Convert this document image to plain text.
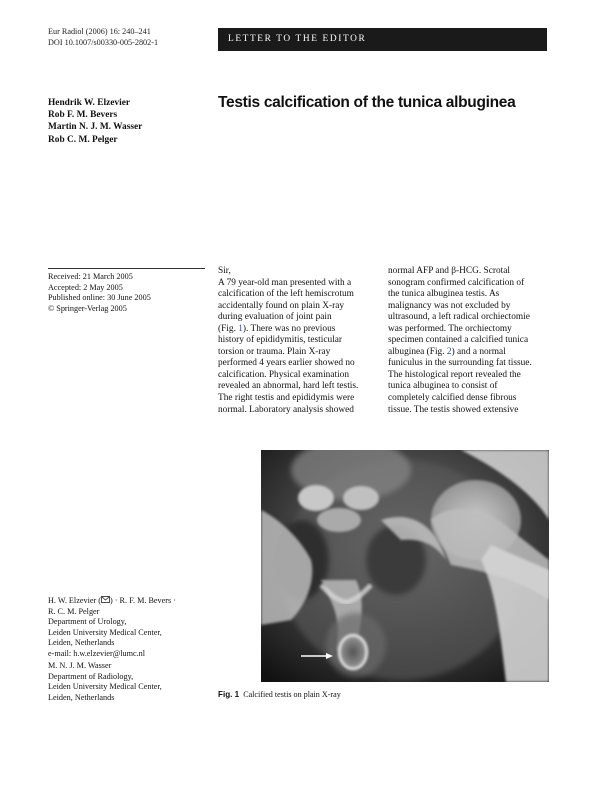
Eur Radiol (2006) 16: 240–241
DOI 10.1007/s00330-005-2802-1	LETTER TO THE EDITOR
Hendrik W. Elzevier
Rob F. M. Bevers
Martin N. J. M. Wasser
Rob C. M. Pelger
Testis calcification of the tunica albuginea
Received: 21 March 2005
Accepted: 2 May 2005
Published online: 30 June 2005
© Springer-Verlag 2005
Sir,
A 79 year-old man presented with a
calcification of the left hemiscrotum
accidentally found on plain X-ray
during evaluation of joint pain
(Fig. 1). There was no previous
history of epididymitis, testicular
torsion or trauma. Plain X-ray
performed 4 years earlier showed no
calcification. Physical examination
revealed an abnormal, hard left testis.
The right testis and epididymis were
normal. Laboratory analysis showed
normal AFP and β-HCG. Scrotal
sonogram confirmed calcification of
the tunica albuginea testis. As
malignancy was not excluded by
ultrasound, a left radical orchiectomie
was performed. The orchiectomy
specimen contained a calcified tunica
albuginea (Fig. 2) and a normal
funiculus in the surrounding fat tissue.
The histological report revealed the
tunica albuginea to consist of
completely calcified dense fibrous
tissue. The testis showed extensive
Fig. 1 Calcified testis on plain X-ray
H. W. Elzevier ( ) · R. F. M. Bevers ·
R. C. M. Pelger
Department of Urology,
Leiden University Medical Center,
Leiden, Netherlands
e-mail: h.w.elzevier@lumc.nl
M. N. J. M. Wasser
Department of Radiology,
Leiden University Medical Center,
Leiden, Netherlands
